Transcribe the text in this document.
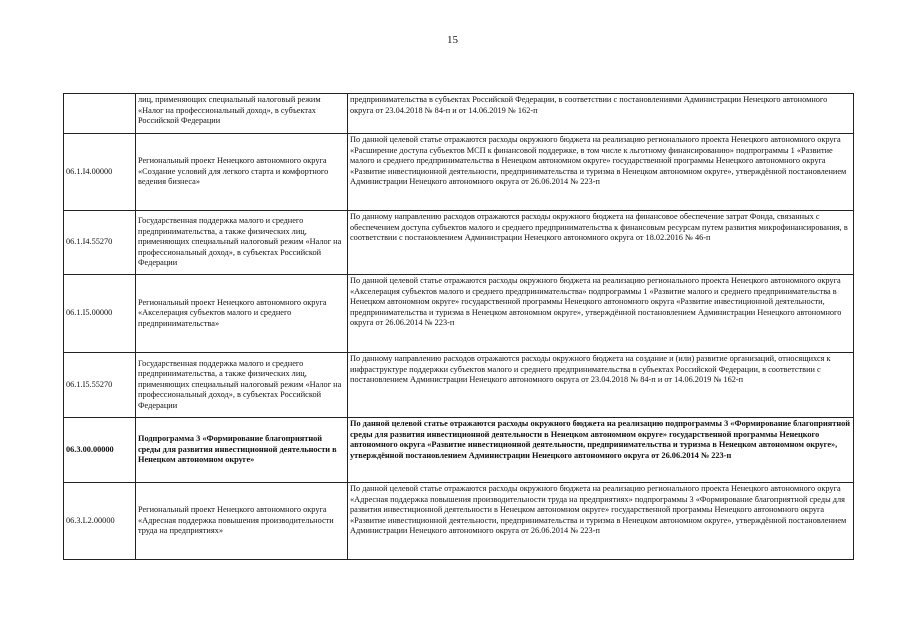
15
	лиц, применяющих специальный налоговый режим «Налог на профессиональный доход», в субъектах Российской Федерации	предпринимательства в субъектах Российской Федерации, в соответствии с постановлениями Администрации Ненецкого автономного округа от 23.04.2018 № 84-п и от 14.06.2019 № 162-п
06.1.I4.00000	Региональный проект Ненецкого автономного округа «Создание условий для легкого старта и комфортного ведения бизнеса»	По данной целевой статье отражаются расходы окружного бюджета на реализацию регионального проекта Ненецкого автономного округа «Расширение доступа субъектов МСП к финансовой поддержке, в том числе к льготному финансированию» подпрограммы 1 «Развитие малого и среднего предпринимательства в Ненецком автономном округе» государственной программы Ненецкого автономного округа «Развитие инвестиционной деятельности, предпринимательства и туризма в Ненецком автономном округе», утверждённой постановлением Администрации Ненецкого автономного округа от 26.06.2014 № 223-п
06.1.I4.55270	Государственная поддержка малого и среднего предпринимательства, а также физических лиц, применяющих специальный налоговый режим «Налог на профессиональный доход», в субъектах Российской Федерации	По данному направлению расходов отражаются расходы окружного бюджета на финансовое обеспечение затрат Фонда, связанных с обеспечением доступа субъектов малого и среднего предпринимательства к финансовым ресурсам путем развития микрофинансирования, в соответствии с постановлением Администрации Ненецкого автономного округа от 18.02.2016 № 46-п
06.1.I5.00000	Региональный проект Ненецкого автономного округа «Акселерация субъектов малого и среднего предпринимательства»	По данной целевой статье отражаются расходы окружного бюджета на реализацию регионального проекта Ненецкого автономного округа «Акселерация субъектов малого и среднего предпринимательства» подпрограммы 1 «Развитие малого и среднего предпринимательства в Ненецком автономном округе» государственной программы Ненецкого автономного округа «Развитие инвестиционной деятельности, предпринимательства и туризма в Ненецком автономном округе», утверждённой постановлением Администрации Ненецкого автономного округа от 26.06.2014 № 223-п
06.1.I5.55270	Государственная поддержка малого и среднего предпринимательства, а также физических лиц, применяющих специальный налоговый режим «Налог на профессиональный доход», в субъектах Российской Федерации	По данному направлению расходов отражаются расходы окружного бюджета на создание и (или) развитие организаций, относящихся к инфраструктуре поддержки субъектов малого и среднего предпринимательства в субъектах Российской Федерации, в соответствии с постановлением Администрации Ненецкого автономного округа от 23.04.2018 № 84-п и от 14.06.2019 № 162-п
06.3.00.00000	Подпрограмма 3 «Формирование благоприятной среды для развития инвестиционной деятельности в Ненецком автономном округе»	По данной целевой статье отражаются расходы окружного бюджета на реализацию подпрограммы 3 «Формирование благоприятной среды для развития инвестиционной деятельности в Ненецком автономном округе» государственной программы Ненецкого автономного округа «Развитие инвестиционной деятельности, предпринимательства и туризма в Ненецком автономном округе», утверждённой постановлением Администрации Ненецкого автономного округа от 26.06.2014 № 223-п
06.3.L2.00000	Региональный проект Ненецкого автономного округа «Адресная поддержка повышения производительности труда на предприятиях»	По данной целевой статье отражаются расходы окружного бюджета на реализацию регионального проекта Ненецкого автономного округа «Адресная поддержка повышения производительности труда на предприятиях» подпрограммы 3 «Формирование благоприятной среды для развития инвестиционной деятельности в Ненецком автономном округе» государственной программы Ненецкого автономного округа «Развитие инвестиционной деятельности, предпринимательства и туризма в Ненецком автономном округе», утверждённой постановлением Администрации Ненецкого автономного округа от 26.06.2014 № 223-п
